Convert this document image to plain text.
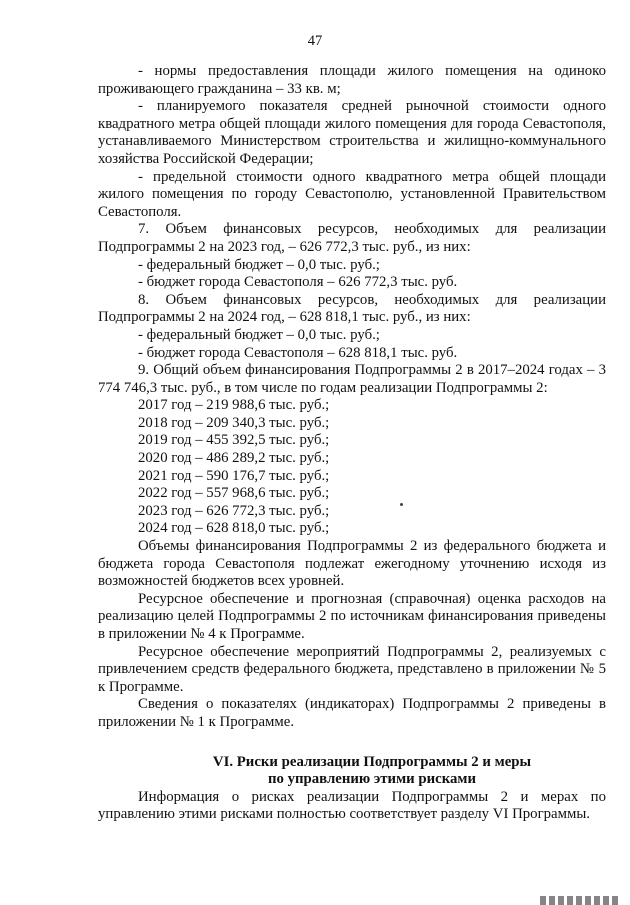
47

- нормы предоставления площади жилого помещения на одиноко проживающего гражданина – 33 кв. м;

- планируемого показателя средней рыночной стоимости одного квадратного метра общей площади жилого помещения для города Севастополя, устанавливаемого Министерством строительства и жилищно-коммунального хозяйства Российской Федерации;

- предельной стоимости одного квадратного метра общей площади жилого помещения по городу Севастополю, установленной Правительством Севастополя.

7. Объем финансовых ресурсов, необходимых для реализации Подпрограммы 2 на 2023 год, – 626 772,3 тыс. руб., из них:

- федеральный бюджет – 0,0 тыс. руб.;

- бюджет города Севастополя – 626 772,3 тыс. руб.

8. Объем финансовых ресурсов, необходимых для реализации Подпрограммы 2 на 2024 год, – 628 818,1 тыс. руб., из них:

- федеральный бюджет – 0,0 тыс. руб.;

- бюджет города Севастополя – 628 818,1 тыс. руб.

9. Общий объем финансирования Подпрограммы 2 в 2017–2024 годах – 3 774 746,3 тыс. руб., в том числе по годам реализации Подпрограммы 2:

2017 год – 219 988,6 тыс. руб.;

2018 год – 209 340,3 тыс. руб.;

2019 год – 455 392,5 тыс. руб.;

2020 год – 486 289,2 тыс. руб.;

2021 год – 590 176,7 тыс. руб.;

2022 год – 557 968,6 тыс. руб.;

2023 год – 626 772,3 тыс. руб.;

2024 год – 628 818,0 тыс. руб.;

Объемы финансирования Подпрограммы 2 из федерального бюджета и бюджета города Севастополя подлежат ежегодному уточнению исходя из возможностей бюджетов всех уровней.

Ресурсное обеспечение и прогнозная (справочная) оценка расходов на реализацию целей Подпрограммы 2 по источникам финансирования приведены в приложении № 4 к Программе.

Ресурсное обеспечение мероприятий Подпрограммы 2, реализуемых с привлечением средств федерального бюджета, представлено в приложении № 5 к Программе.

Сведения о показателях (индикаторах) Подпрограммы 2 приведены в приложении № 1 к Программе.

VI. Риски реализации Подпрограммы 2 и меры
по управлению этими рисками

Информация о рисках реализации Подпрограммы 2 и мерах по управлению этими рисками полностью соответствует разделу VI Программы.
